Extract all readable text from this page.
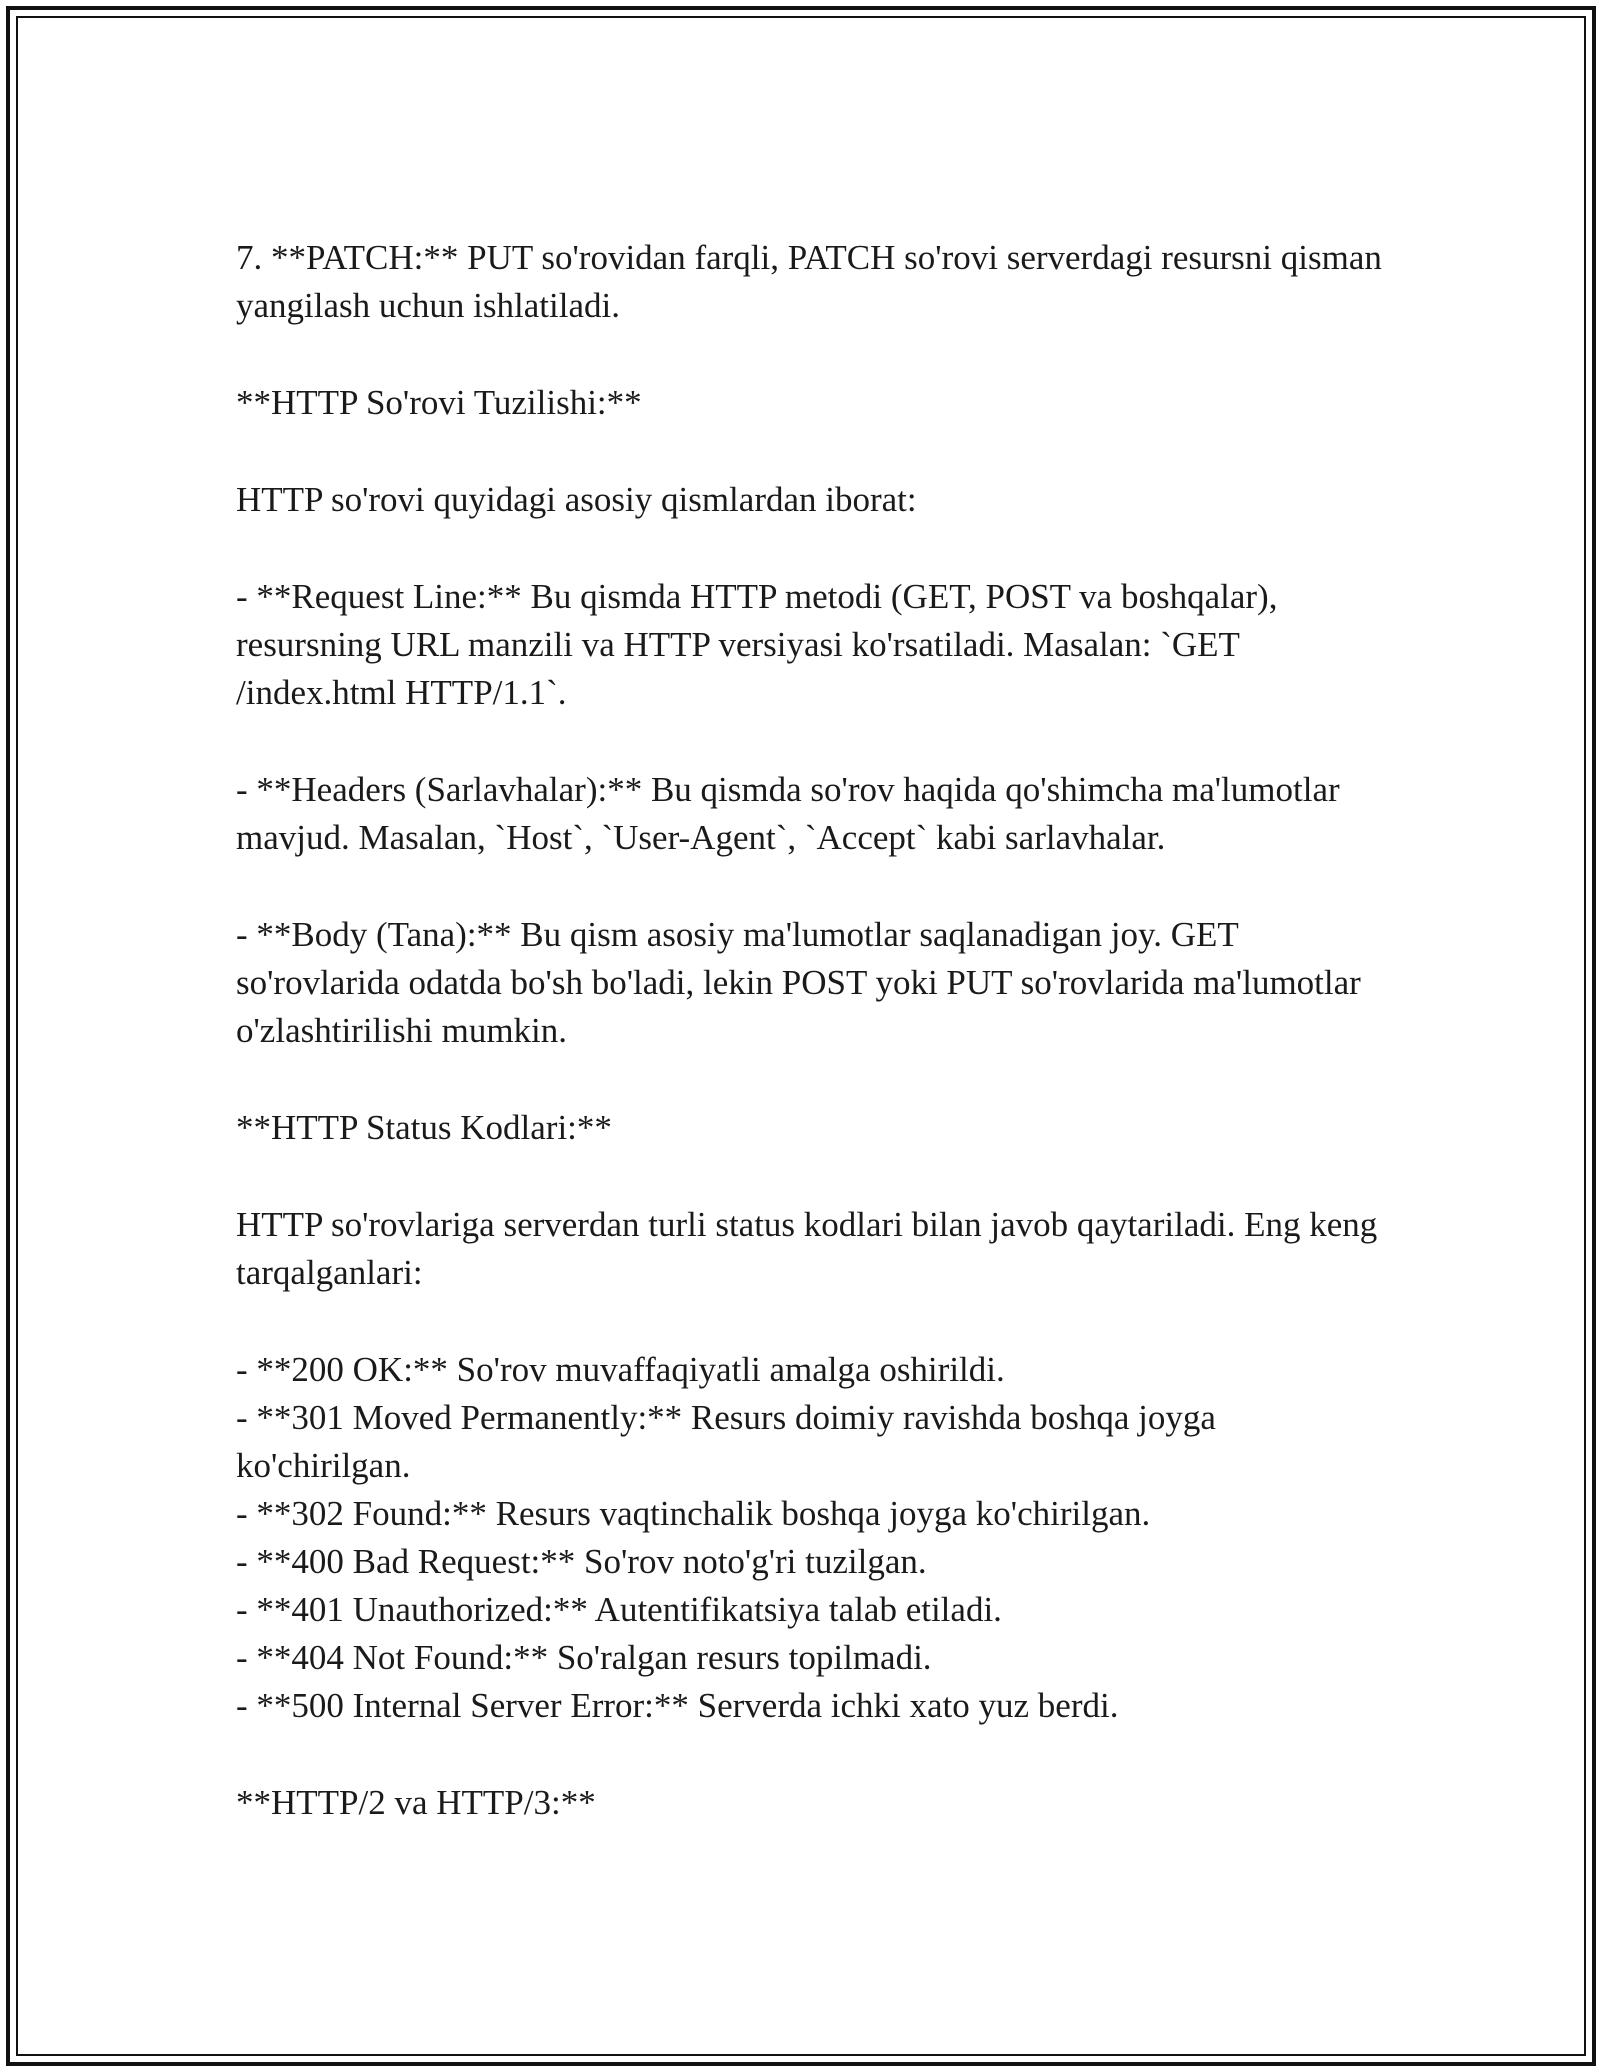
7. **PATCH:** PUT so'rovidan farqli, PATCH so'rovi serverdagi resursni qisman yangilash uchun ishlatiladi.

**HTTP So'rovi Tuzilishi:**

HTTP so'rovi quyidagi asosiy qismlardan iborat:

- **Request Line:** Bu qismda HTTP metodi (GET, POST va boshqalar), resursning URL manzili va HTTP versiyasi ko'rsatiladi. Masalan: `GET /index.html HTTP/1.1`.

- **Headers (Sarlavhalar):** Bu qismda so'rov haqida qo'shimcha ma'lumotlar mavjud. Masalan, `Host`, `User-Agent`, `Accept` kabi sarlavhalar.

- **Body (Tana):** Bu qism asosiy ma'lumotlar saqlanadigan joy. GET so'rovlarida odatda bo'sh bo'ladi, lekin POST yoki PUT so'rovlarida ma'lumotlar o'zlashtirilishi mumkin.

**HTTP Status Kodlari:**

HTTP so'rovlariga serverdan turli status kodlari bilan javob qaytariladi. Eng keng tarqalganlari:

- **200 OK:** So'rov muvaffaqiyatli amalga oshirildi.
- **301 Moved Permanently:** Resurs doimiy ravishda boshqa joyga ko'chirilgan.
- **302 Found:** Resurs vaqtinchalik boshqa joyga ko'chirilgan.
- **400 Bad Request:** So'rov noto'g'ri tuzilgan.
- **401 Unauthorized:** Autentifikatsiya talab etiladi.
- **404 Not Found:** So'ralgan resurs topilmadi.
- **500 Internal Server Error:** Serverda ichki xato yuz berdi.

**HTTP/2 va HTTP/3:**
